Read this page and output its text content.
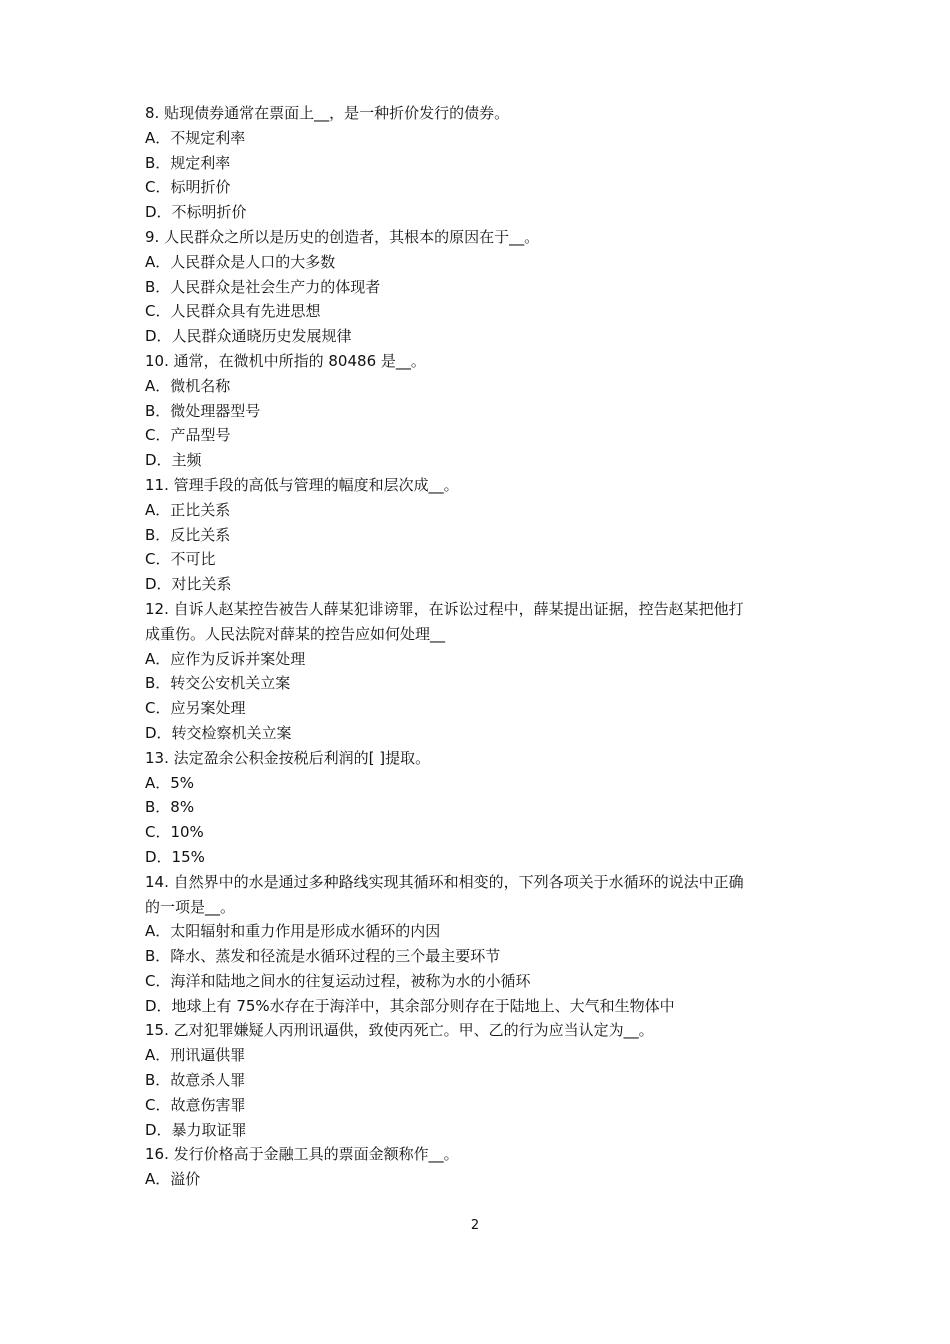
8. 贴现债券通常在票面上__，是一种折价发行的债券。
A．不规定利率
B．规定利率
C．标明折价
D．不标明折价
9. 人民群众之所以是历史的创造者，其根本的原因在于__。
A．人民群众是人口的大多数
B．人民群众是社会生产力的体现者
C．人民群众具有先进思想
D．人民群众通晓历史发展规律
10. 通常，在微机中所指的 80486 是__。
A．微机名称
B．微处理器型号
C．产品型号
D．主频
11. 管理手段的高低与管理的幅度和层次成__。
A．正比关系
B．反比关系
C．不可比
D．对比关系
12. 自诉人赵某控告被告人薛某犯诽谤罪，在诉讼过程中，薛某提出证据，控告赵某把他打
成重伤。人民法院对薛某的控告应如何处理__
A．应作为反诉并案处理
B．转交公安机关立案
C．应另案处理
D．转交检察机关立案
13. 法定盈余公积金按税后利润的[ ]提取。
A．5%
B．8%
C．10%
D．15%
14. 自然界中的水是通过多种路线实现其循环和相变的，下列各项关于水循环的说法中正确
的一项是__。
A．太阳辐射和重力作用是形成水循环的内因
B．降水、蒸发和径流是水循环过程的三个最主要环节
C．海洋和陆地之间水的往复运动过程，被称为水的小循环
D．地球上有 75%水存在于海洋中，其余部分则存在于陆地上、大气和生物体中
15. 乙对犯罪嫌疑人丙刑讯逼供，致使丙死亡。甲、乙的行为应当认定为__。
A．刑讯逼供罪
B．故意杀人罪
C．故意伤害罪
D．暴力取证罪
16. 发行价格高于金融工具的票面金额称作__。
A．溢价
2
